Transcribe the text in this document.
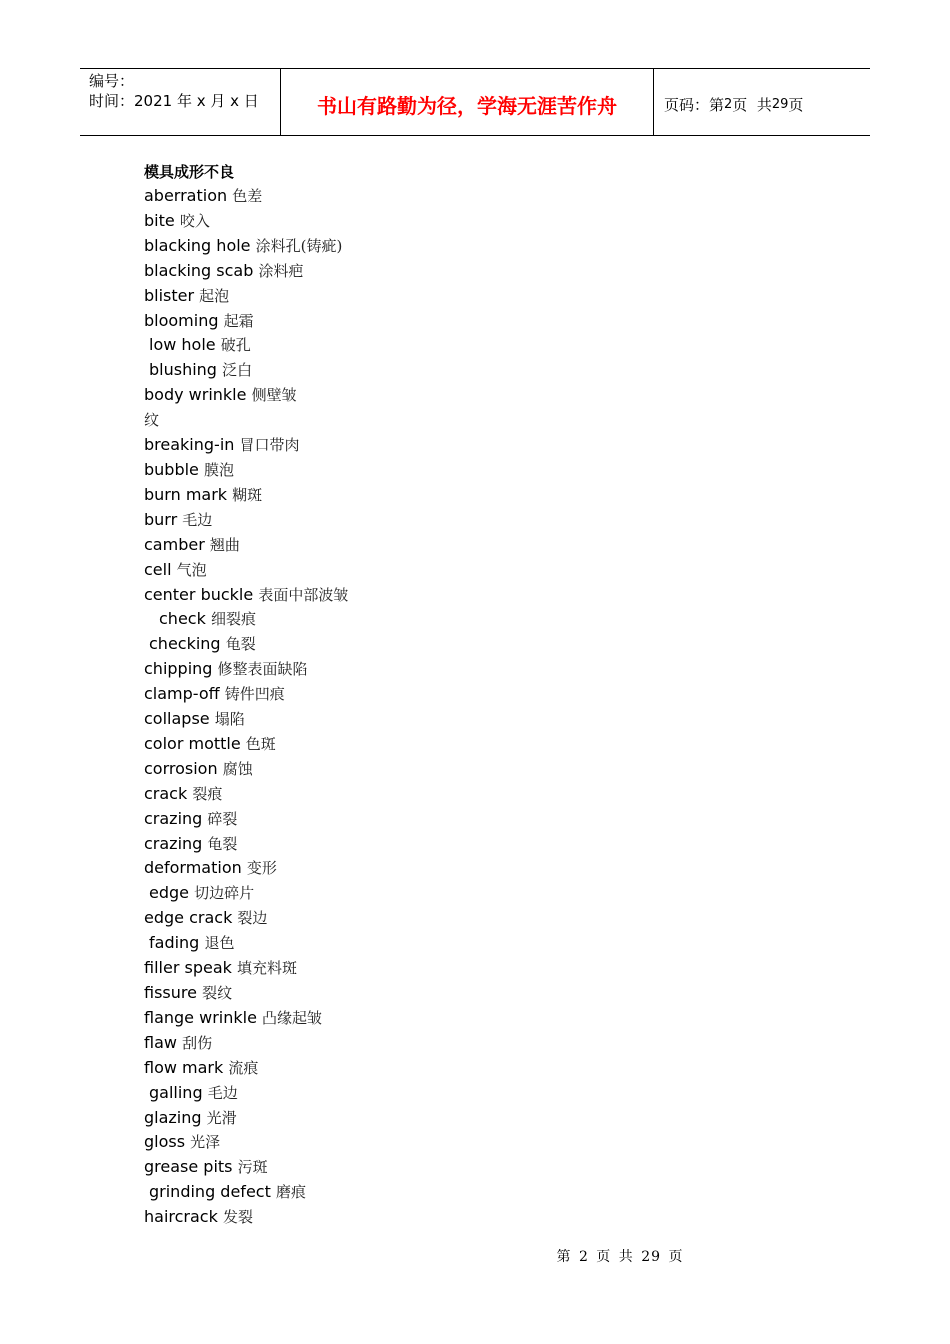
编号：
时间：2021 年 x 月 x 日	书山有路勤为径，学海无涯苦作舟	页码：第 2 页  共 29 页
模具成形不良
aberration 色差
bite 咬入
blacking hole 涂料孔(铸疵)
blacking scab 涂料疤
blister 起泡
blooming 起霜
low hole 破孔
blushing 泛白
body wrinkle 侧壁皱
纹
breaking-in 冒口带肉
bubble 膜泡
burn mark 糊斑
burr 毛边
camber 翘曲
cell 气泡
center buckle 表面中部波皱
check 细裂痕
checking 龟裂
chipping 修整表面缺陷
clamp-off 铸件凹痕
collapse 塌陷
color mottle 色斑
corrosion 腐蚀
crack 裂痕
crazing 碎裂
crazing 龟裂
deformation 变形
edge 切边碎片
edge crack 裂边
fading 退色
filler speak 填充料斑
fissure 裂纹
flange wrinkle 凸缘起皱
flaw 刮伤
flow mark 流痕
galling 毛边
glazing 光滑
gloss 光泽
grease pits 污斑
grinding defect 磨痕
haircrack 发裂
第 2 页 共 29 页
